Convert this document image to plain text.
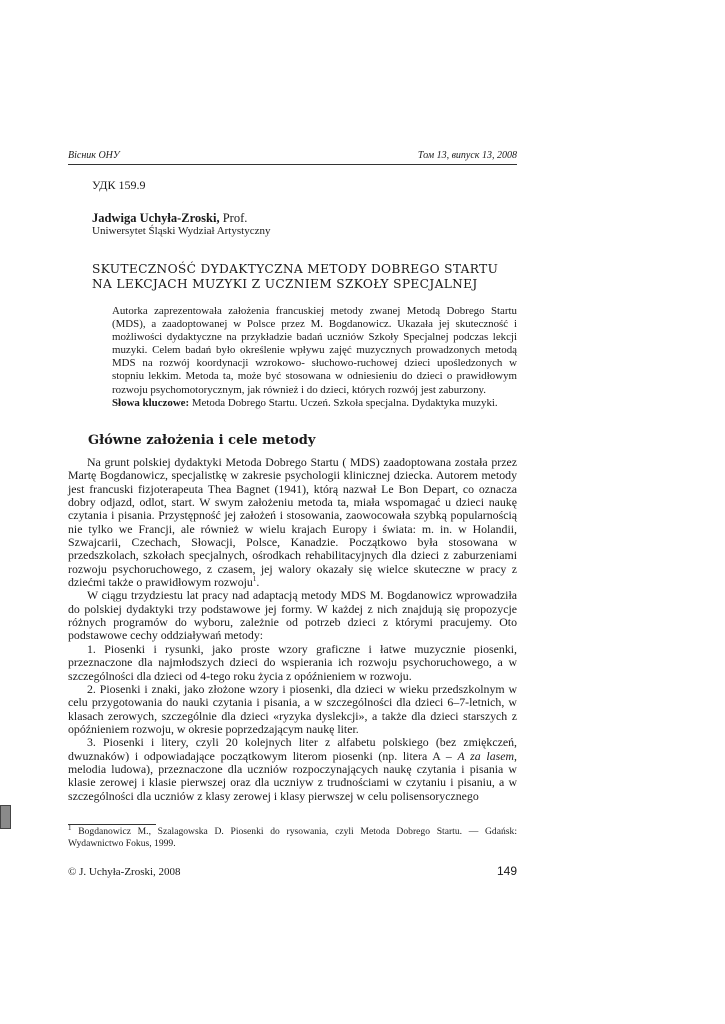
Вісник ОНУ	Том 13, випуск 13, 2008
УДК 159.9
Jadwiga Uchyła-Zroski, Prof.
Uniwersytet Śląski Wydział Artystyczny
SKUTECZNOŚĆ DYDAKTYCZNA METODY DOBREGO STARTU NA LEKCJACH MUZYKI Z UCZNIEM SZKOŁY SPECJALNEJ

Autorka zaprezentowała założenia francuskiej metody zwanej Metodą Dobrego Startu (MDS), a zaadoptowanej w Polsce przez M. Bogdanowicz. Ukazała jej skuteczność i możliwości dydaktyczne na przykładzie badań uczniów Szkoły Specjalnej podczas lekcji muzyki. Celem badań było określenie wpływu zajęć muzycznych prowadzonych metodą MDS na rozwój koordynacji wzrokowo- słuchowo-ruchowej dzieci upośledzonych w stopniu lekkim. Metoda ta, może być stosowana w odniesieniu do dzieci o prawidłowym rozwoju psychomotorycznym, jak również i do dzieci, których rozwój jest zaburzony.

Słowa kluczowe: Metoda Dobrego Startu. Uczeń. Szkoła specjalna. Dydaktyka muzyki.

Główne założenia i cele metody

Na grunt polskiej dydaktyki Metoda Dobrego Startu ( MDS) zaadoptowana została przez Martę Bogdanowicz, specjalistkę w zakresie psychologii klinicznej dziecka. Autorem metody jest francuski fizjoterapeuta Thea Bagnet (1941), którą nazwał Le Bon Depart, co oznacza dobry odjazd, odlot, start. W swym założeniu metoda ta, miała wspomagać u dzieci naukę czytania i pisania. Przystępność jej założeń i stosowania, zaowocowała szybką popularnością nie tylko we Francji, ale również w wielu krajach Europy i świata: m. in. w Holandii, Szwajcarii, Czechach, Słowacji, Polsce, Kanadzie. Początkowo była stosowana w przedszkolach, szkołach specjalnych, ośrodkach rehabilitacyjnych dla dzieci z zaburzeniami rozwoju psychoruchowego, z czasem, jej walory okazały się wielce skuteczne w pracy z dziećmi także o prawidłowym rozwoju$^1$.

W ciągu trzydziestu lat pracy nad adaptacją metody MDS M. Bogdanowicz wprowadziła do polskiej dydaktyki trzy podstawowe jej formy. W każdej z nich znajdują się propozycje różnych programów do wyboru, zależnie od potrzeb dzieci z którymi pracujemy. Oto podstawowe cechy oddziaływań metody:

1. Piosenki i rysunki, jako proste wzory graficzne i łatwe muzycznie piosenki, przeznaczone dla najmłodszych dzieci do wspierania ich rozwoju psychoruchowego, a w szczególności dla dzieci od 4-tego roku życia z opóźnieniem w rozwoju.

2. Piosenki i znaki, jako złożone wzory i piosenki, dla dzieci w wieku przedszkolnym w celu przygotowania do nauki czytania i pisania, a w szczególności dla dzieci 6–7-letnich, w klasach zerowych, szczególnie dla dzieci «ryzyka dyslekcji», a także dla dzieci starszych z opóźnieniem rozwoju, w okresie poprzedzającym naukę liter.

3. Piosenki i litery, czyli 20 kolejnych liter z alfabetu polskiego (bez zmiękczeń, dwuznaków) i odpowiadające początkowym literom piosenki (np. litera A – A za lasem, melodia ludowa), przeznaczone dla uczniów rozpoczynających naukę czytania i pisania w klasie zerowej i klasie pierwszej oraz dla uczniyw z trudnościami w czytaniu i pisaniu, a w szczególności dla uczniów z klasy zerowej i klasy pierwszej w celu polisensorycznego

$^1$ Bogdanowicz M., Szalagowska D. Piosenki do rysowania, czyli Metoda Dobrego Startu. — Gdańsk: Wydawnictwo Fokus, 1999.
© J. Uchyła-Zroski, 2008	149
